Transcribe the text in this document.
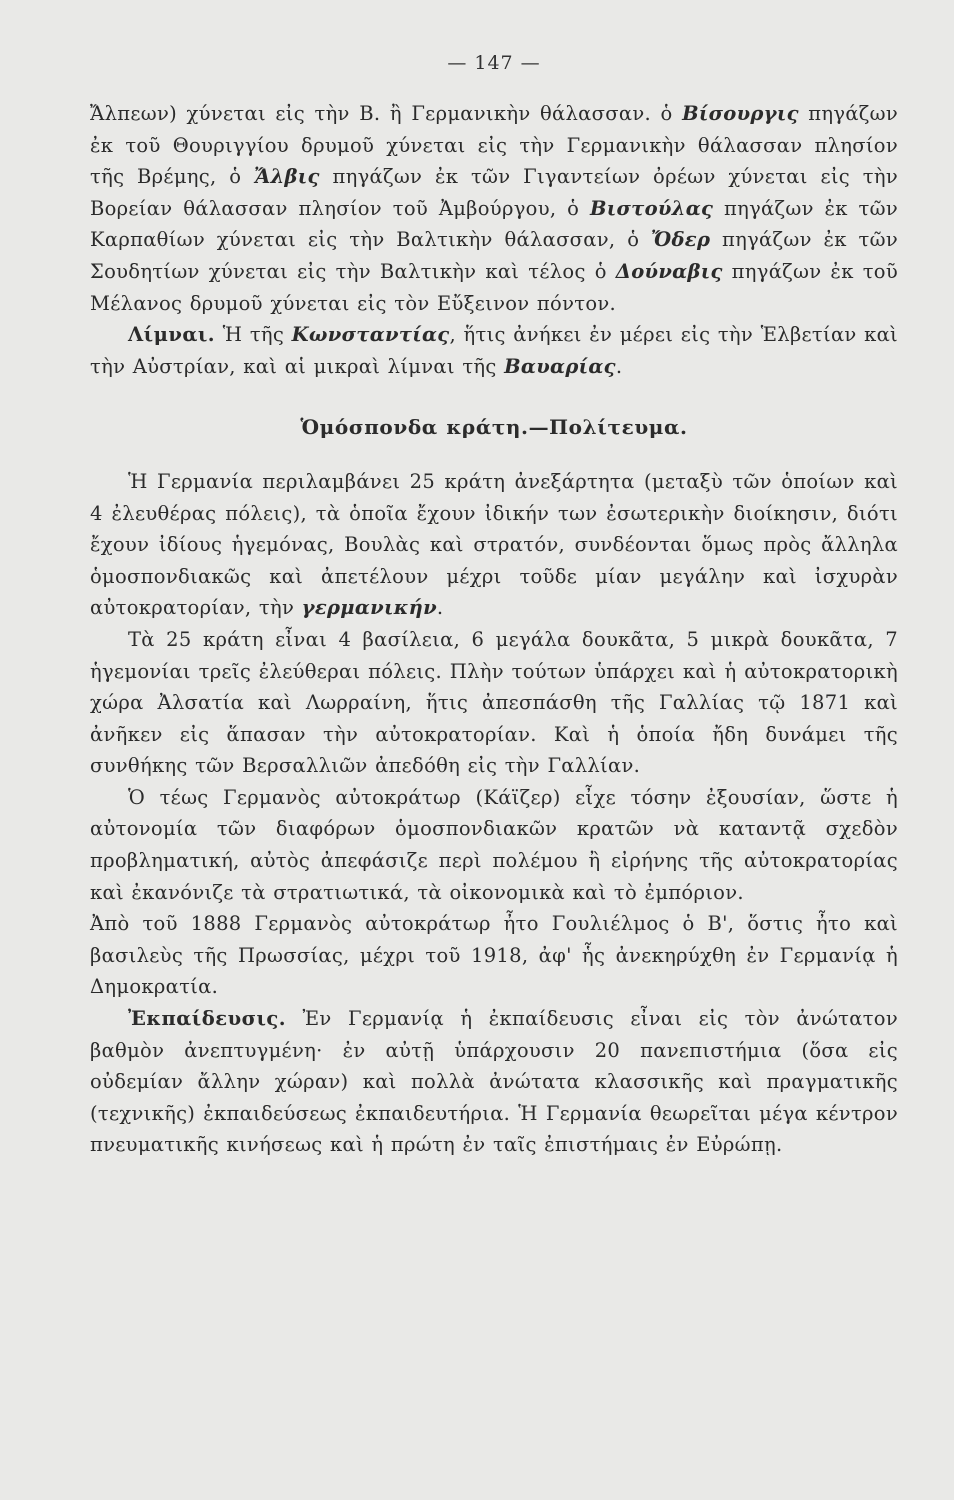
— 147 —

Ἄλπεων) χύνεται εἰς τὴν Β. ἢ Γερμανικὴν θάλασσαν. ὁ Βίσουργις πηγάζων ἐκ τοῦ Θουριγγίου δρυμοῦ χύνεται εἰς τὴν Γερμανικὴν θάλασσαν πλησίον τῆς Βρέμης, ὁ Ἄλβις πηγάζων ἐκ τῶν Γιγαντείων ὀρέων χύνεται εἰς τὴν Βορείαν θάλασσαν πλησίον τοῦ Ἀμβούργου, ὁ Βιστούλας πηγάζων ἐκ τῶν Καρπαθίων χύνεται εἰς τὴν Βαλτικὴν θάλασσαν, ὁ Ὄδερ πηγάζων ἐκ τῶν Σουδητίων χύνεται εἰς τὴν Βαλτικὴν καὶ τέλος ὁ Δούναβις πηγάζων ἐκ τοῦ Μέλανος δρυμοῦ χύνεται εἰς τὸν Εὔξεινον πόντον.

Λίμναι. Ἡ τῆς Κωνσταντίας, ἥτις ἀνήκει ἐν μέρει εἰς τὴν Ἑλβετίαν καὶ τὴν Αὐστρίαν, καὶ αἱ μικραὶ λίμναι τῆς Βαυαρίας.

Ὁμόσπονδα κράτη.—Πολίτευμα.

Ἡ Γερμανία περιλαμβάνει 25 κράτη ἀνεξάρτητα (μεταξὺ τῶν ὁποίων καὶ 4 ἐλευθέρας πόλεις), τὰ ὁποῖα ἔχουν ἰδικήν των ἐσωτερικὴν διοίκησιν, διότι ἔχουν ἰδίους ἡγεμόνας, Βουλὰς καὶ στρατόν, συνδέονται ὅμως πρὸς ἄλληλα ὁμοσπονδιακῶς καὶ ἀπετέλουν μέχρι τοῦδε μίαν μεγάλην καὶ ἰσχυρὰν αὐτοκρατορίαν, τὴν γερμανικήν.

Τὰ 25 κράτη εἶναι 4 βασίλεια, 6 μεγάλα δουκᾶτα, 5 μικρὰ δουκᾶτα, 7 ἡγεμονίαι τρεῖς ἐλεύθεραι πόλεις. Πλὴν τούτων ὑπάρχει καὶ ἡ αὐτοκρατορικὴ χώρα Ἀλσατία καὶ Λωρραίνη, ἥτις ἀπεσπάσθη τῆς Γαλλίας τῷ 1871 καὶ ἀνῆκεν εἰς ἅπασαν τὴν αὐτοκρατορίαν. Καὶ ἡ ὁποία ἤδη δυνάμει τῆς συνθήκης τῶν Βερσαλλιῶν ἀπεδόθη εἰς τὴν Γαλλίαν.

Ὁ τέως Γερμανὸς αὐτοκράτωρ (Κάϊζερ) εἶχε τόσην ἐξουσίαν, ὥστε ἡ αὐτονομία τῶν διαφόρων ὁμοσπονδιακῶν κρατῶν νὰ καταντᾷ σχεδὸν προβληματική, αὐτὸς ἀπεφάσιζε περὶ πολέμου ἢ εἰρήνης τῆς αὐτοκρατορίας καὶ ἐκανόνιζε τὰ στρατιωτικά, τὰ οἰκονομικὰ καὶ τὸ ἐμπόριον.

Ἀπὸ τοῦ 1888 Γερμανὸς αὐτοκράτωρ ἦτο Γουλιέλμος ὁ Β', ὅστις ἦτο καὶ βασιλεὺς τῆς Πρωσσίας, μέχρι τοῦ 1918, ἀφ' ἧς ἀνεκηρύχθη ἐν Γερμανίᾳ ἡ Δημοκρατία.

Ἐκπαίδευσις. Ἐν Γερμανίᾳ ἡ ἐκπαίδευσις εἶναι εἰς τὸν ἀνώτατον βαθμὸν ἀνεπτυγμένη· ἐν αὐτῇ ὑπάρχουσιν 20 πανεπιστήμια (ὅσα εἰς οὐδεμίαν ἄλλην χώραν) καὶ πολλὰ ἀνώτατα κλασσικῆς καὶ πραγματικῆς (τεχνικῆς) ἐκπαιδεύσεως ἐκπαιδευτήρια. Ἡ Γερμανία θεωρεῖται μέγα κέντρον πνευματικῆς κινήσεως καὶ ἡ πρώτη ἐν ταῖς ἐπιστήμαις ἐν Εὐρώπῃ.
